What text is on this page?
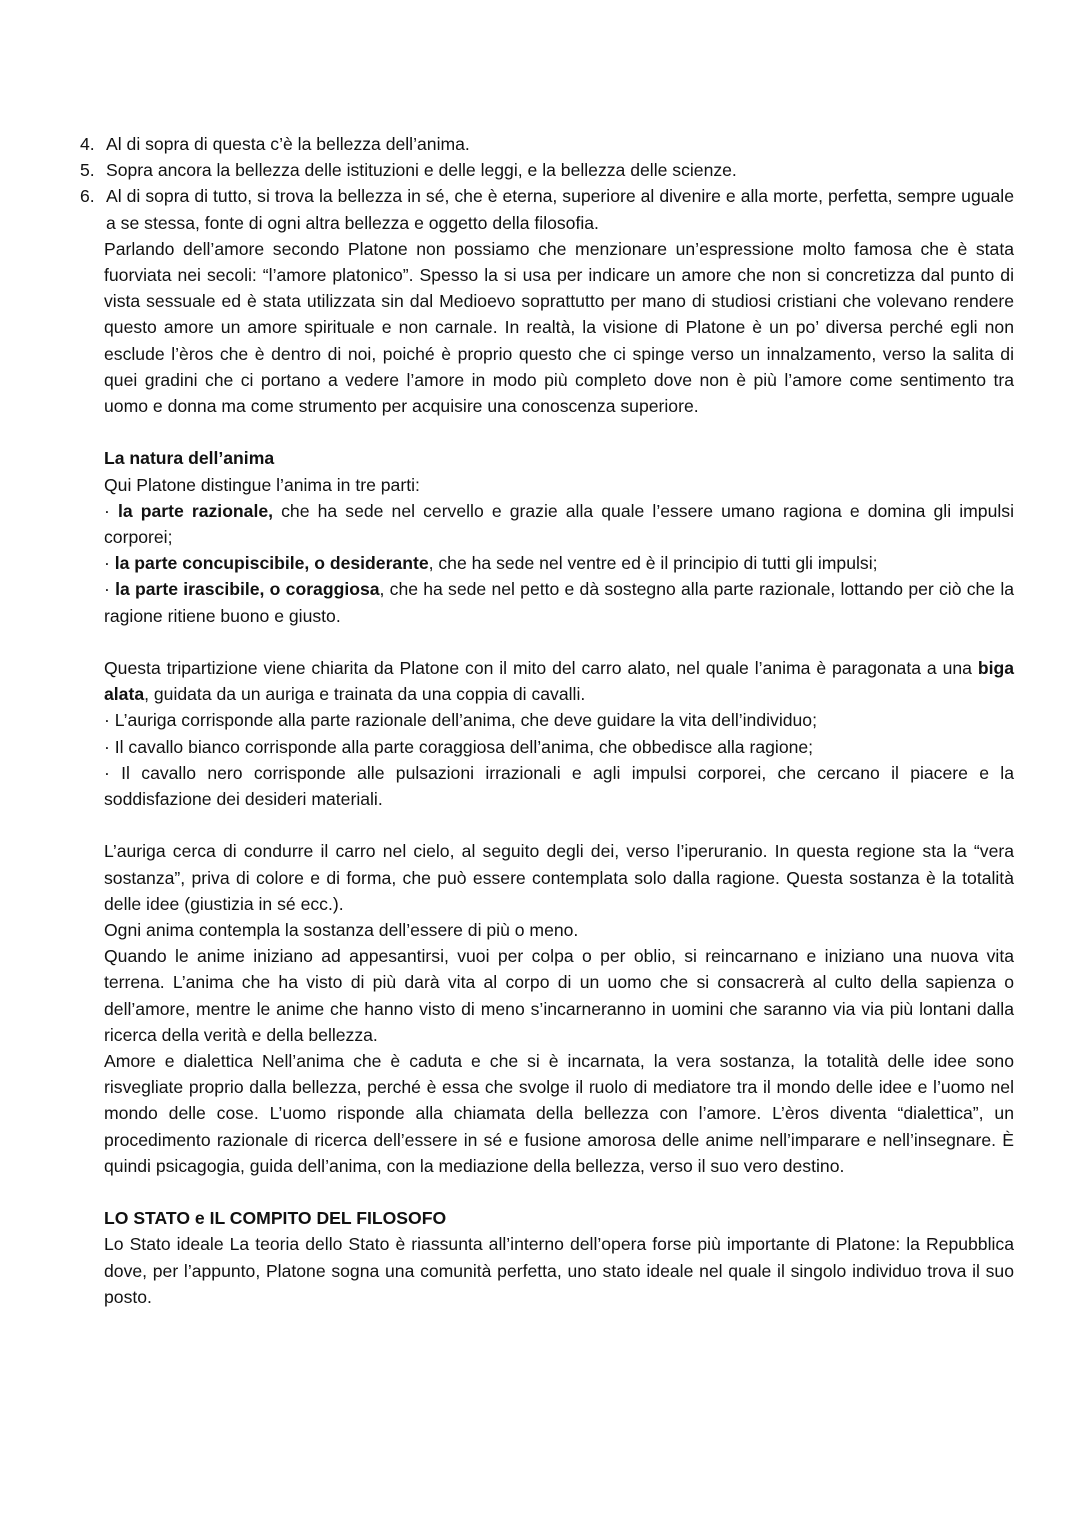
4. Al di sopra di questa c’è la bellezza dell’anima.
5. Sopra ancora la bellezza delle istituzioni e delle leggi, e la bellezza delle scienze.
6. Al di sopra di tutto, si trova la bellezza in sé, che è eterna, superiore al divenire e alla morte, perfetta, sempre uguale a se stessa, fonte di ogni altra bellezza e oggetto della filosofia.

Parlando dell’amore secondo Platone non possiamo che menzionare un’espressione molto famosa che è stata fuorviata nei secoli: “l’amore platonico”. Spesso la si usa per indicare un amore che non si concretizza dal punto di vista sessuale ed è stata utilizzata sin dal Medioevo soprattutto per mano di studiosi cristiani che volevano rendere questo amore un amore spirituale e non carnale. In realtà, la visione di Platone è un po’ diversa perché egli non esclude l’èros che è dentro di noi, poiché è proprio questo che ci spinge verso un innalzamento, verso la salita di quei gradini che ci portano a vedere l’amore in modo più completo dove non è più l’amore come sentimento tra uomo e donna ma come strumento per acquisire una conoscenza superiore.

La natura dell’anima

Qui Platone distingue l’anima in tre parti:

· la parte razionale, che ha sede nel cervello e grazie alla quale l’essere umano ragiona e domina gli impulsi corporei;

· la parte concupiscibile, o desiderante, che ha sede nel ventre ed è il principio di tutti gli impulsi;

· la parte irascibile, o coraggiosa, che ha sede nel petto e dà sostegno alla parte razionale, lottando per ciò che la ragione ritiene buono e giusto.

Questa tripartizione viene chiarita da Platone con il mito del carro alato, nel quale l’anima è paragonata a una biga alata, guidata da un auriga e trainata da una coppia di cavalli.

· L’auriga corrisponde alla parte razionale dell’anima, che deve guidare la vita dell’individuo;

· Il cavallo bianco corrisponde alla parte coraggiosa dell’anima, che obbedisce alla ragione;

· Il cavallo nero corrisponde alle pulsazioni irrazionali e agli impulsi corporei, che cercano il piacere e la soddisfazione dei desideri materiali.

L’auriga cerca di condurre il carro nel cielo, al seguito degli dei, verso l’iperuranio. In questa regione sta la “vera sostanza”, priva di colore e di forma, che può essere contemplata solo dalla ragione. Questa sostanza è la totalità delle idee (giustizia in sé ecc.).

Ogni anima contempla la sostanza dell’essere di più o meno.

Quando le anime iniziano ad appesantirsi, vuoi per colpa o per oblio, si reincarnano e iniziano una nuova vita terrena. L’anima che ha visto di più darà vita al corpo di un uomo che si consacrerà al culto della sapienza o dell’amore, mentre le anime che hanno visto di meno s’incarneranno in uomini che saranno via via più lontani dalla ricerca della verità e della bellezza.

Amore e dialettica Nell’anima che è caduta e che si è incarnata, la vera sostanza, la totalità delle idee sono risvegliate proprio dalla bellezza, perché è essa che svolge il ruolo di mediatore tra il mondo delle idee e l’uomo nel mondo delle cose. L’uomo risponde alla chiamata della bellezza con l’amore. L’èros diventa “dialettica”, un procedimento razionale di ricerca dell’essere in sé e fusione amorosa delle anime nell’imparare e nell’insegnare. È quindi psicagogia, guida dell’anima, con la mediazione della bellezza, verso il suo vero destino.

LO STATO e IL COMPITO DEL FILOSOFO

Lo Stato ideale La teoria dello Stato è riassunta all’interno dell’opera forse più importante di Platone: la Repubblica dove, per l’appunto, Platone sogna una comunità perfetta, uno stato ideale nel quale il singolo individuo trova il suo posto.
